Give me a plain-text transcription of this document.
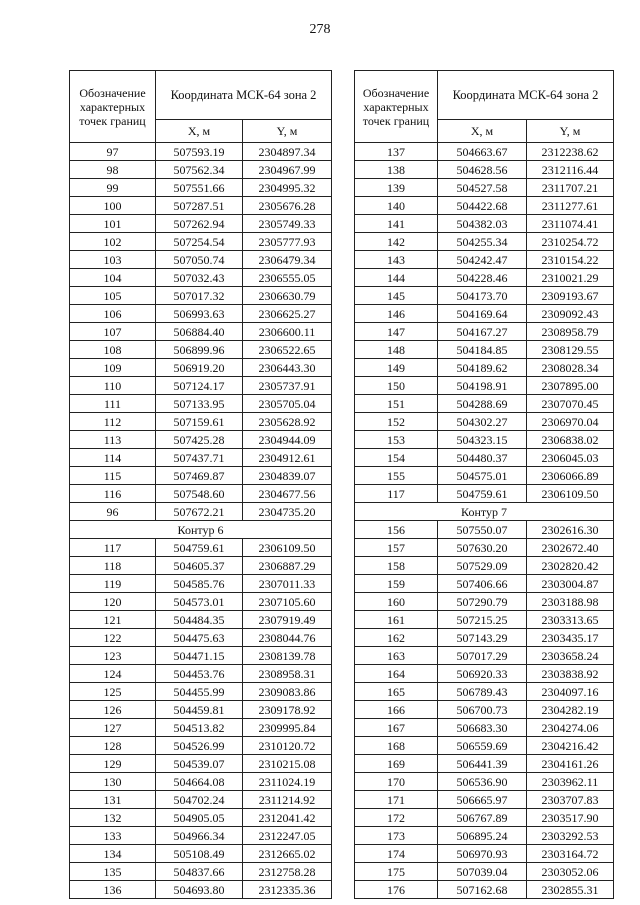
278
Обозначение характерных точек границ	Координата МСК-64 зона 2	
	X, м	Y, м
97	507593.19	2304897.34
98	507562.34	2304967.99
99	507551.66	2304995.32
100	507287.51	2305676.28
101	507262.94	2305749.33
102	507254.54	2305777.93
103	507050.74	2306479.34
104	507032.43	2306555.05
105	507017.32	2306630.79
106	506993.63	2306625.27
107	506884.40	2306600.11
108	506899.96	2306522.65
109	506919.20	2306443.30
110	507124.17	2305737.91
111	507133.95	2305705.04
112	507159.61	2305628.92
113	507425.28	2304944.09
114	507437.71	2304912.61
115	507469.87	2304839.07
116	507548.60	2304677.56
96	507672.21	2304735.20
Контур 6		
117	504759.61	2306109.50
118	504605.37	2306887.29
119	504585.76	2307011.33
120	504573.01	2307105.60
121	504484.35	2307919.49
122	504475.63	2308044.76
123	504471.15	2308139.78
124	504453.76	2308958.31
125	504455.99	2309083.86
126	504459.81	2309178.92
127	504513.82	2309995.84
128	504526.99	2310120.72
129	504539.07	2310215.08
130	504664.08	2311024.19
131	504702.24	2311214.92
132	504905.05	2312041.42
133	504966.34	2312247.05
134	505108.49	2312665.02
135	504837.66	2312758.28
136	504693.80	2312335.36
Обозначение характерных точек границ	Координата МСК-64 зона 2	
	X, м	Y, м
137	504663.67	2312238.62
138	504628.56	2312116.44
139	504527.58	2311707.21
140	504422.68	2311277.61
141	504382.03	2311074.41
142	504255.34	2310254.72
143	504242.47	2310154.22
144	504228.46	2310021.29
145	504173.70	2309193.67
146	504169.64	2309092.43
147	504167.27	2308958.79
148	504184.85	2308129.55
149	504189.62	2308028.34
150	504198.91	2307895.00
151	504288.69	2307070.45
152	504302.27	2306970.04
153	504323.15	2306838.02
154	504480.37	2306045.03
155	504575.01	2306066.89
117	504759.61	2306109.50
Контур 7		
156	507550.07	2302616.30
157	507630.20	2302672.40
158	507529.09	2302820.42
159	507406.66	2303004.87
160	507290.79	2303188.98
161	507215.25	2303313.65
162	507143.29	2303435.17
163	507017.29	2303658.24
164	506920.33	2303838.92
165	506789.43	2304097.16
166	506700.73	2304282.19
167	506683.30	2304274.06
168	506559.69	2304216.42
169	506441.39	2304161.26
170	506536.90	2303962.11
171	506665.97	2303707.83
172	506767.89	2303517.90
173	506895.24	2303292.53
174	506970.93	2303164.72
175	507039.04	2303052.06
176	507162.68	2302855.31
